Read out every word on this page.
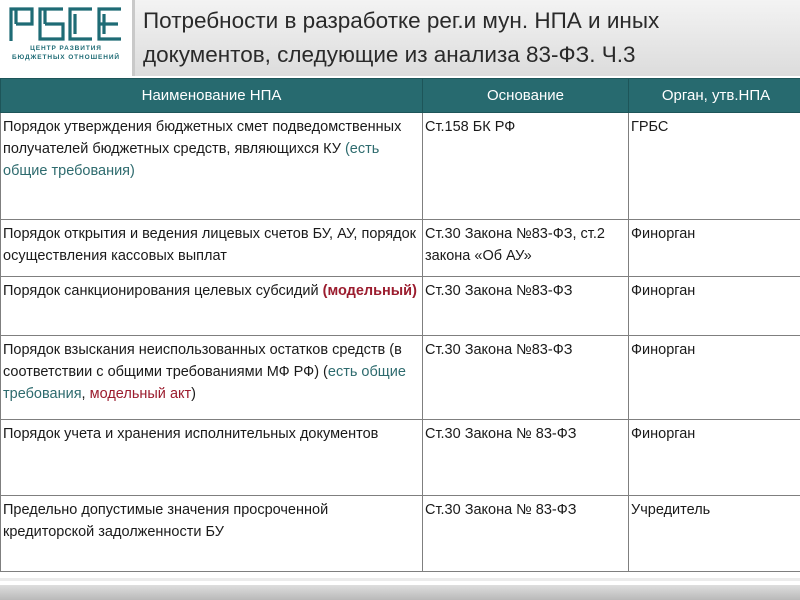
ЦЕНТР РАЗВИТИЯ
БЮДЖЕТНЫХ ОТНОШЕНИЙ
Потребности в разработке рег.и мун. НПА и иных
документов, следующие из анализа 83-ФЗ. Ч.3
Наименование НПА	Основание	Орган, утв.НПА
Порядок утверждения бюджетных смет подведомственных получателей бюджетных средств, являющихся КУ (есть общие требования)	Ст.158 БК РФ	ГРБС
Порядок открытия и ведения лицевых счетов БУ, АУ, порядок осуществления кассовых выплат	Ст.30 Закона №83-ФЗ, ст.2 закона «Об АУ»	Финорган
Порядок санкционирования целевых субсидий (модельный)	Ст.30 Закона №83-ФЗ	Финорган
Порядок взыскания неиспользованных остатков средств (в соответствии с общими требованиями МФ РФ) (есть общие требования, модельный акт)	Ст.30 Закона №83-ФЗ	Финорган
Порядок учета и хранения исполнительных документов	Ст.30 Закона № 83-ФЗ	Финорган
Предельно допустимые значения просроченной кредиторской задолженности БУ	Ст.30 Закона № 83-ФЗ	Учредитель
